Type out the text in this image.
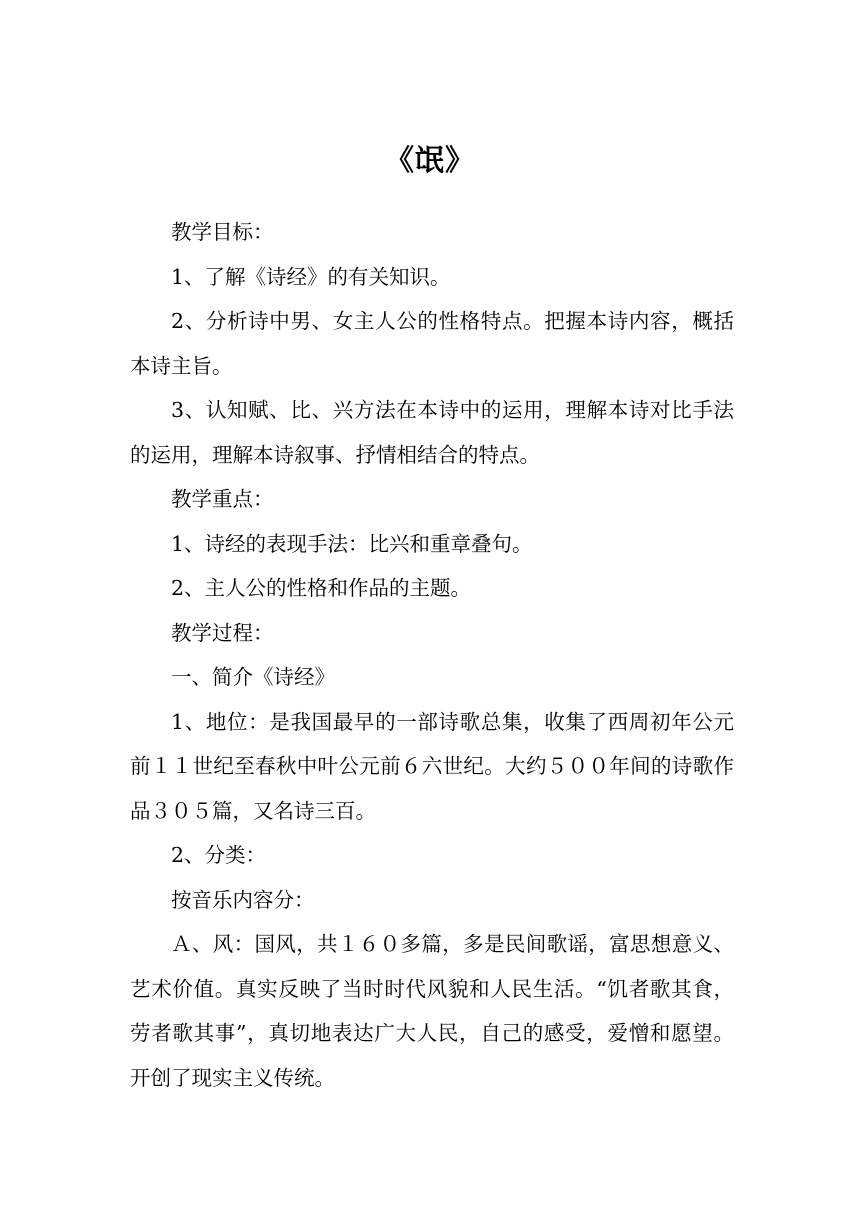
《氓》

教学目标：

1、了解《诗经》的有关知识。

2、分析诗中男、女主人公的性格特点。把握本诗内容，概括本诗主旨。

3、认知赋、比、兴方法在本诗中的运用，理解本诗对比手法的运用，理解本诗叙事、抒情相结合的特点。

教学重点：

1、诗经的表现手法：比兴和重章叠句。

2、主人公的性格和作品的主题。

教学过程：

一、简介《诗经》

1、地位：是我国最早的一部诗歌总集，收集了西周初年公元前１１世纪至春秋中叶公元前６六世纪。大约５００年间的诗歌作品３０５篇，又名诗三百。

2、分类：

按音乐内容分：

Ａ、风：国风，共１６０多篇，多是民间歌谣，富思想意义、艺术价值。真实反映了当时时代风貌和人民生活。“饥者歌其食，劳者歌其事”，真切地表达广大人民，自己的感受，爱憎和愿望。开创了现实主义传统。
